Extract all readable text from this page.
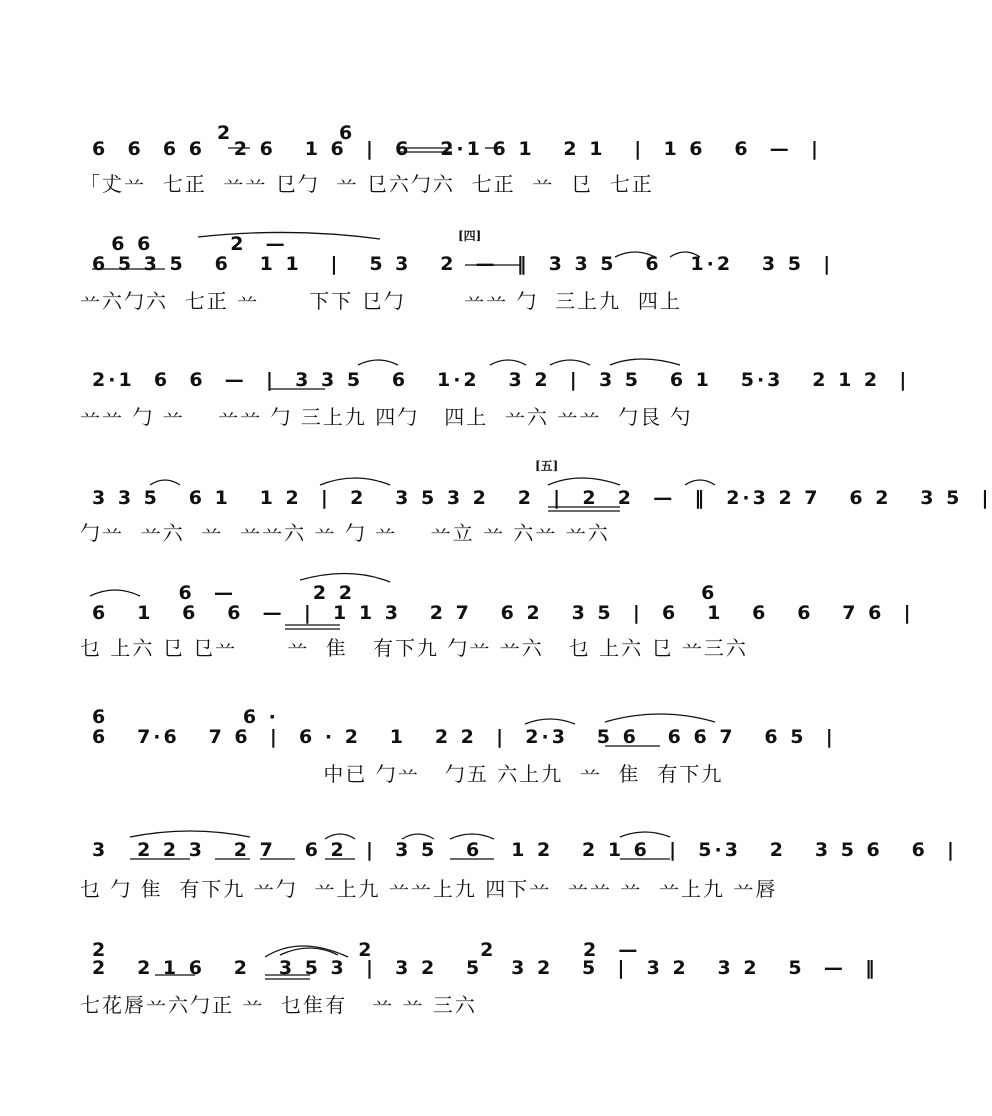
2           6
6  6  6 6   2 6   1 6  |  6   2·1 6 1   2 1   |  1 6   6  —  |
「𠀋䒑  七正  䒑䒑 㔾勹  䒑 㔾六勹六  七正  䒑  㔾  七正
[四]
6 6        2  —
6 5 3 5   6   1 1   |   5 3   2  —  ‖  3 3 5   6   1·2   3 5  |
䒑六勹六  七正 䒑      下下 㔾勹       䒑䒑 勹  三上九  四上
2·1  6  6  —  |  3 3 5   6   1·2   3 2  |  3 5   6 1   5·3   2 1 2  |
䒑䒑 勹 䒑    䒑䒑 勹 三上九 四勹   四上  䒑六 䒑䒑  勹艮 勺
[五]
3 3 5   6 1   1 2  |  2   3 5 3 2   2  |  2  2  —  ‖  2·3 2 7   6 2   3 5  |
勹䒑  䒑六  䒑  䒑䒑六 䒑 勹 䒑    䒑立 䒑 六䒑 䒑六
6  —        2 2                                    6
6   1   6   6  —  |  1 1 3   2 7   6 2   3 5  |  6   1   6   6   7 6  |
乜 上六 㔾 㔾䒑      䒑  隹   有下九 勹䒑 䒑六   乜 上六 㔾 䒑三六
6              6 ·
6   7·6   7 6  |  6 · 2   1   2 2  |  2·3   5 6   6 6 7   6 5  |
中已 勹䒑   勹五 六上九  䒑  隹  有下九
3   2 2 3   2 7   6 2  |  3 5   6   1 2   2 1 6  |  5·3   2   3 5 6   6  |
乜 勹 隹  有下九 䒑勹  䒑上九 䒑䒑上九 四下䒑  䒑䒑 䒑  䒑上九 䒑唇
2                          2           2         2  —
2   2 1 6   2   3 5 3  |  3 2   5   3 2   5  |  3 2   3 2   5  —  ‖
七花唇䒑六勹正 䒑  乜隹有   䒑 䒑 三六
